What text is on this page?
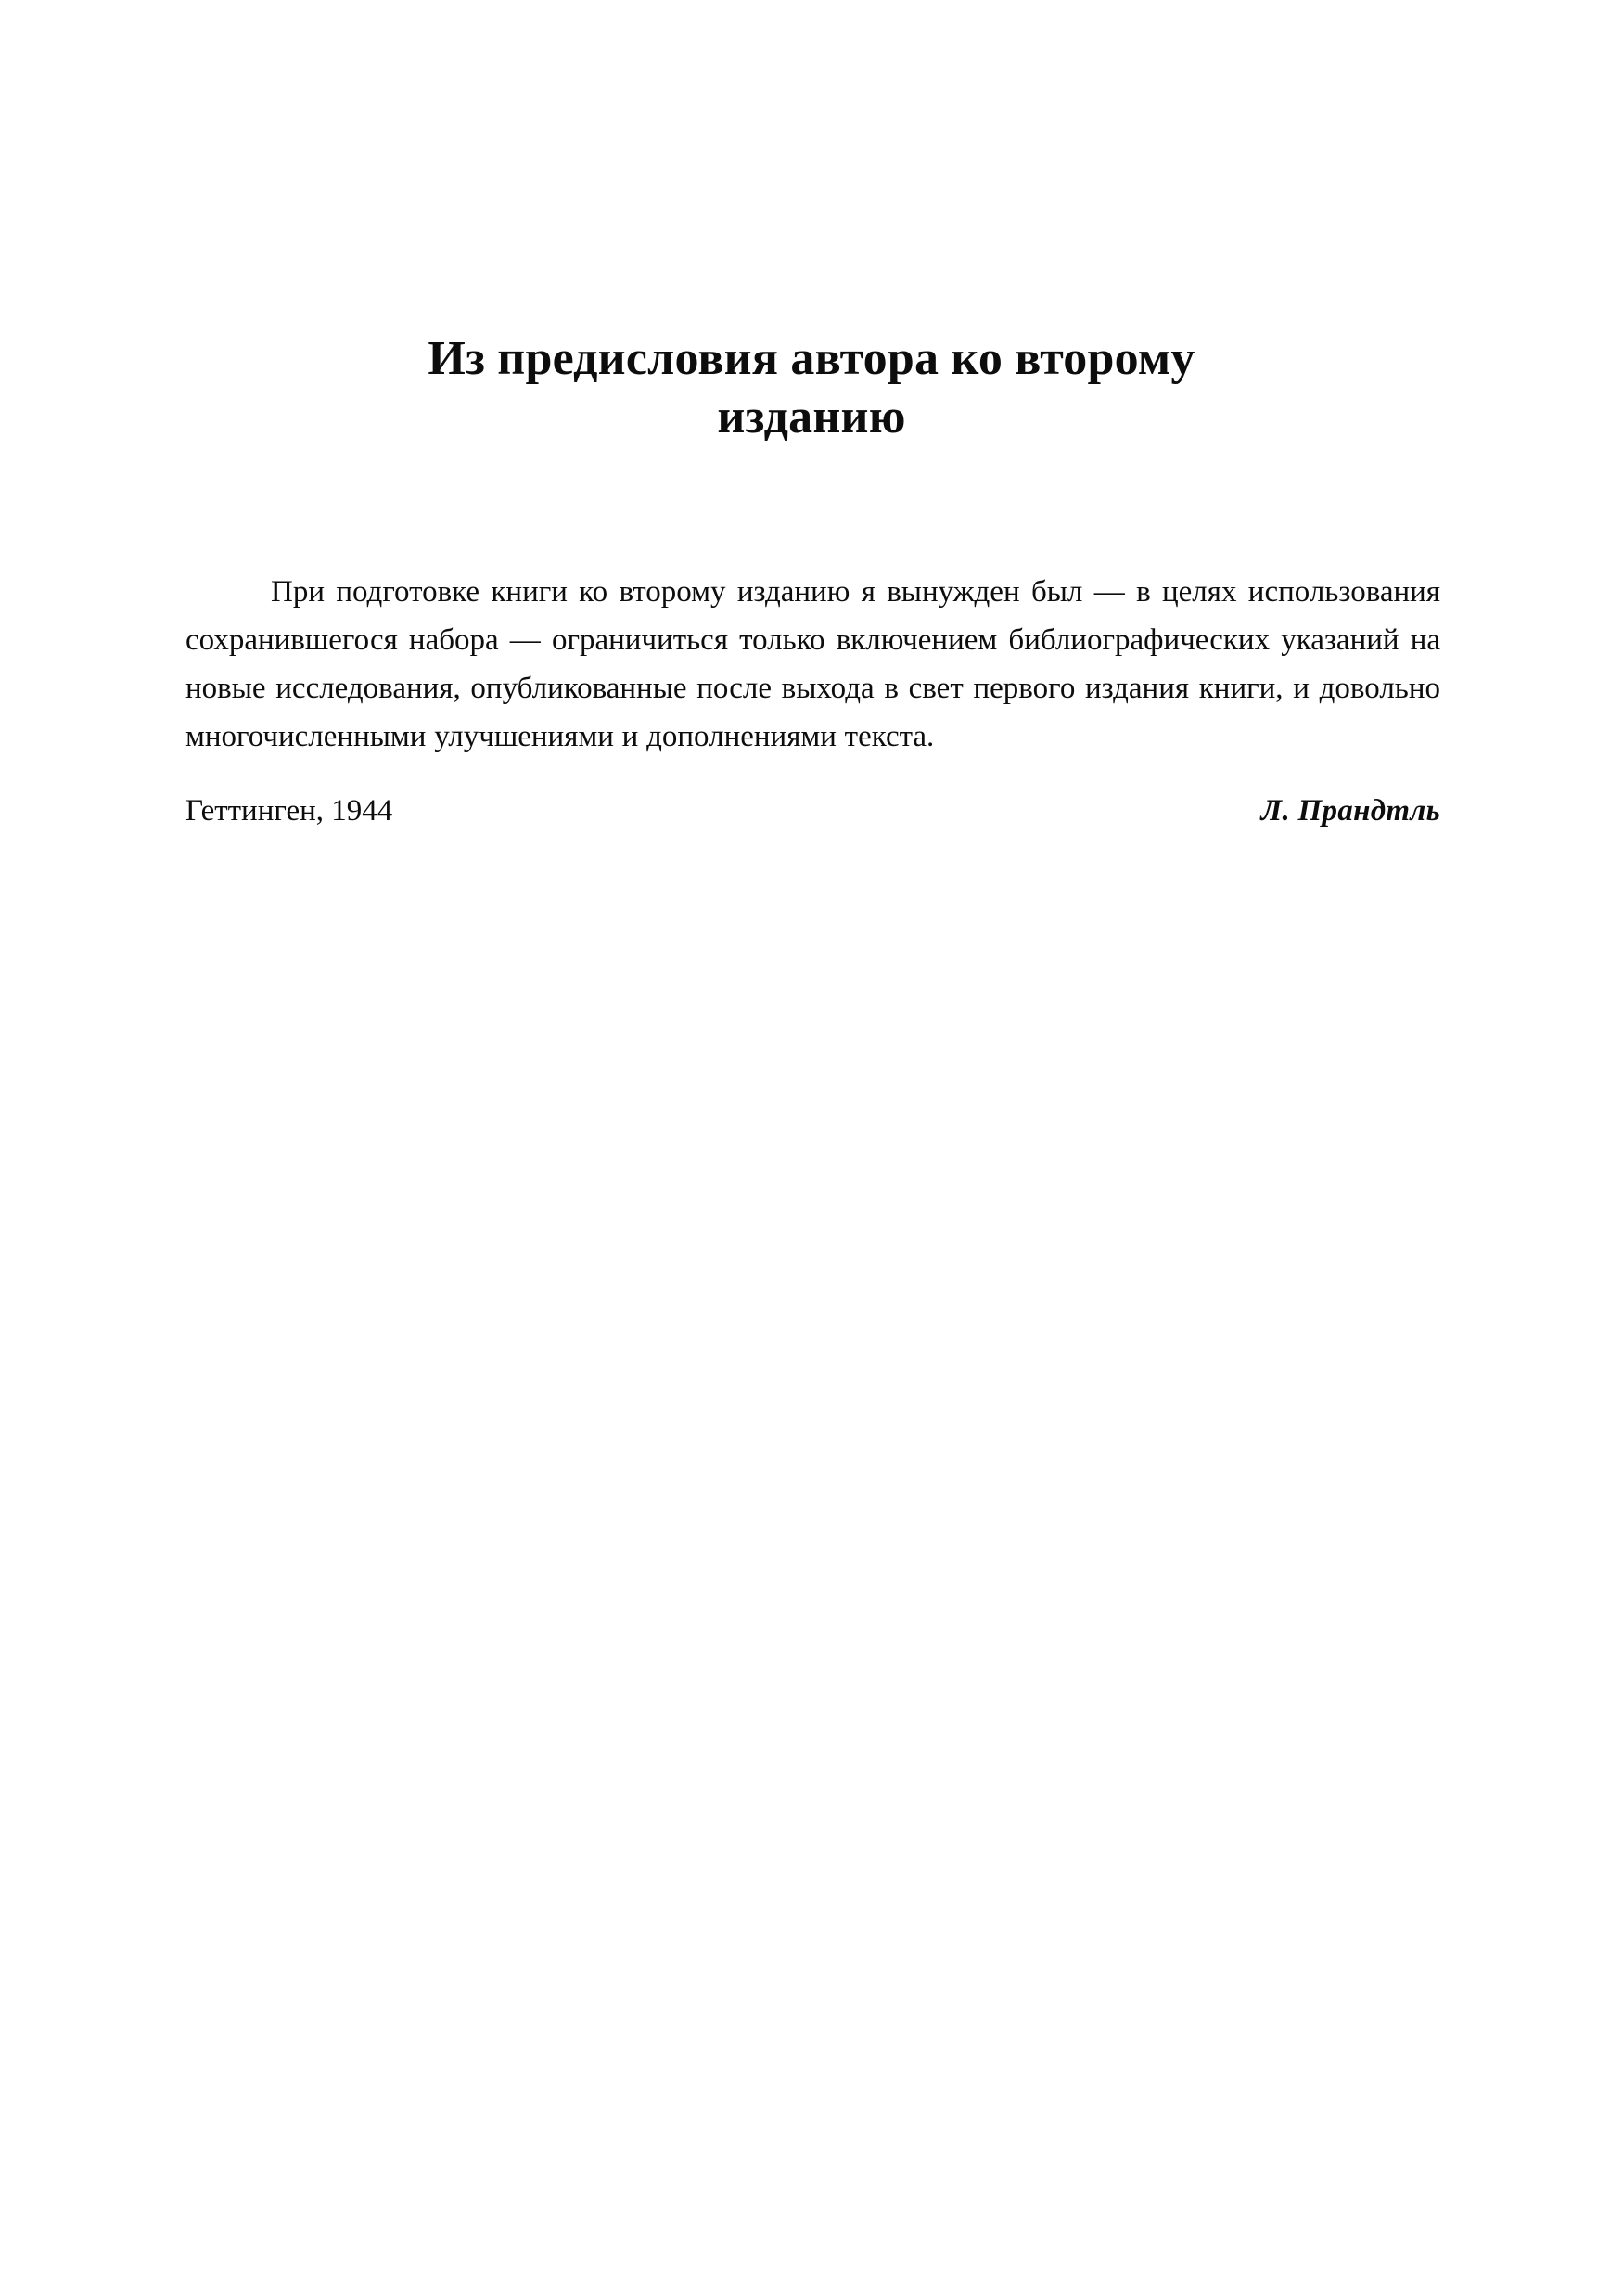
Из предисловия автора ко второму
изданию

При подготовке книги ко второму изданию я вынужден был — в целях использования сохранившегося набора — ограничиться только включением библиографических указаний на новые исследования, опубликованные после выхода в свет первого издания книги, и довольно многочисленными улучшениями и дополнениями текста.

Геттинген, 1944	Л. Прандтль
